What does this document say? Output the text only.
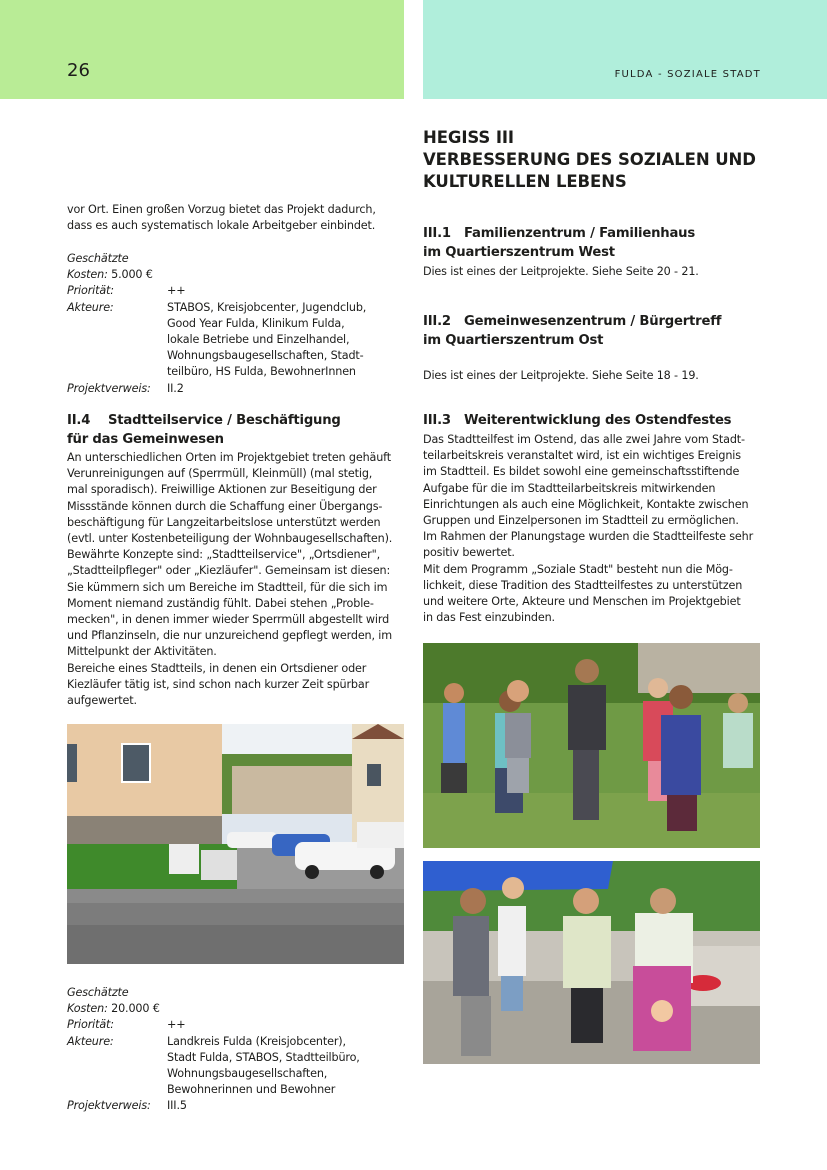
26	FULDA - SOZIALE STADT

vor Ort. Einen großen Vorzug bietet das Projekt dadurch,

dass es auch systematisch lokale Arbeitgeber einbindet.

Geschätzte Kosten: 5.000 €
Priorität:	++
Akteure:	STABOS, Kreisjobcenter, Jugendclub,

Good Year Fulda, Klinikum Fulda,

lokale Betriebe und Einzelhandel,

Wohnungsbaugesellschaften, Stadt-

teilbüro, HS Fulda, BewohnerInnen

Projektverweis:	II.2
II.4 Stadtteilservice / Beschäftigung
für das Gemeinwesen

An unterschiedlichen Orten im Projektgebiet treten gehäuft

Verunreinigungen auf (Sperrmüll, Kleinmüll) (mal stetig,

mal sporadisch). Freiwillige Aktionen zur Beseitigung der

Missstände können durch die Schaffung einer Übergangs-

beschäftigung für Langzeitarbeitslose unterstützt werden

(evtl. unter Kostenbeteiligung der Wohnbaugesellschaften).

Bewährte Konzepte sind: „Stadtteilservice", „Ortsdiener",

„Stadtteilpfleger" oder „Kiezläufer". Gemeinsam ist diesen:

Sie kümmern sich um Bereiche im Stadtteil, für die sich im

Moment niemand zuständig fühlt. Dabei stehen „Proble-

mecken", in denen immer wieder Sperrmüll abgestellt wird

und Pflanzinseln, die nur unzureichend gepflegt werden, im

Mittelpunkt der Aktivitäten.

Bereiche eines Stadtteils, in denen ein Ortsdiener oder

Kiezläufer tätig ist, sind schon nach kurzer Zeit spürbar

aufgewertet.

Geschätzte Kosten: 20.000 €
Priorität:	++
Akteure:	Landkreis Fulda (Kreisjobcenter),

Stadt Fulda, STABOS, Stadtteilbüro,

Wohnungsbaugesellschaften,

Bewohnerinnen und Bewohner

Projektverweis:	III.5
HEGISS III
VERBESSERUNG DES SOZIALEN UND
KULTURELLEN LEBENS
III.1 Familienzentrum / Familienhaus
im Quartierszentrum West

Dies ist eines der Leitprojekte. Siehe Seite 20 - 21.

III.2 Gemeinwesenzentrum / Bürgertreff
im Quartierszentrum Ost

Dies ist eines der Leitprojekte. Siehe Seite 18 - 19.

III.3 Weiterentwicklung des Ostendfestes

Das Stadtteilfest im Ostend, das alle zwei Jahre vom Stadt-

teilarbeitskreis veranstaltet wird, ist ein wichtiges Ereignis

im Stadtteil. Es bildet sowohl eine gemeinschaftsstiftende

Aufgabe für die im Stadtteilarbeitskreis mitwirkenden

Einrichtungen als auch eine Möglichkeit, Kontakte zwischen

Gruppen und Einzelpersonen im Stadtteil zu ermöglichen.

Im Rahmen der Planungstage wurden die Stadtteilfeste sehr

positiv bewertet.

Mit dem Programm „Soziale Stadt" besteht nun die Mög-

lichkeit, diese Tradition des Stadtteilfestes zu unterstützen

und weitere Orte, Akteure und Menschen im Projektgebiet

in das Fest einzubinden.
